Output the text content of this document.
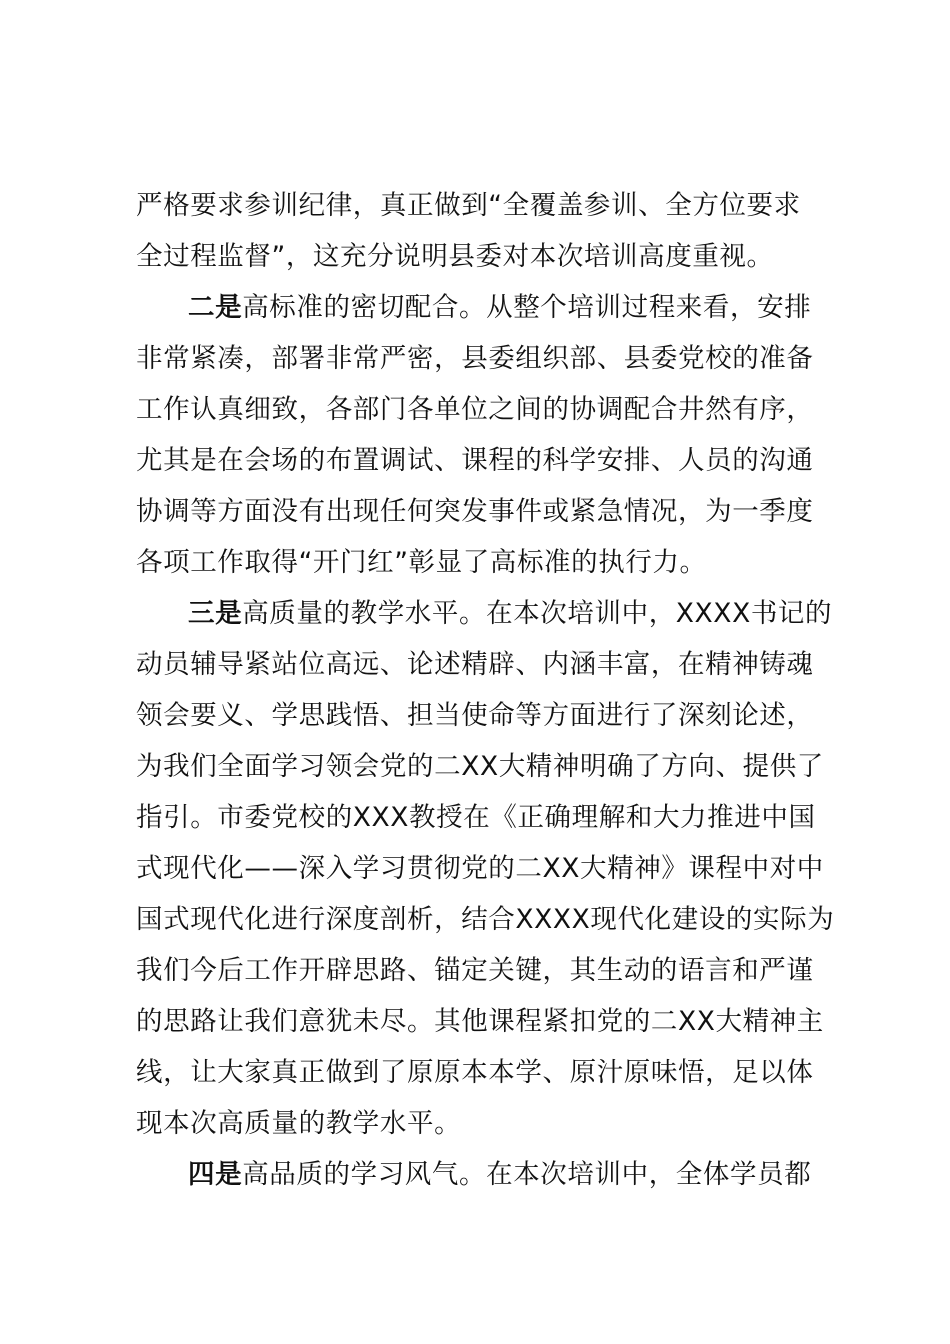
严格要求参训纪律，真正做到“全覆盖参训、全方位要求
全过程监督”，这充分说明县委对本次培训高度重视。
二是高标准的密切配合。从整个培训过程来看，安排
非常紧凑，部署非常严密，县委组织部、县委党校的准备
工作认真细致，各部门各单位之间的协调配合井然有序，
尤其是在会场的布置调试、课程的科学安排、人员的沟通
协调等方面没有出现任何突发事件或紧急情况，为一季度
各项工作取得“开门红”彰显了高标准的执行力。
三是高质量的教学水平。在本次培训中，XXXX书记的
动员辅导紧站位高远、论述精辟、内涵丰富，在精神铸魂
领会要义、学思践悟、担当使命等方面进行了深刻论述，
为我们全面学习领会党的二XX大精神明确了方向、提供了
指引。市委党校的XXX教授在《正确理解和大力推进中国
式现代化——深入学习贯彻党的二XX大精神》课程中对中
国式现代化进行深度剖析，结合XXXX现代化建设的实际为
我们今后工作开辟思路、锚定关键，其生动的语言和严谨
的思路让我们意犹未尽。其他课程紧扣党的二XX大精神主
线，让大家真正做到了原原本本学、原汁原味悟，足以体
现本次高质量的教学水平。
四是高品质的学习风气。在本次培训中，全体学员都
